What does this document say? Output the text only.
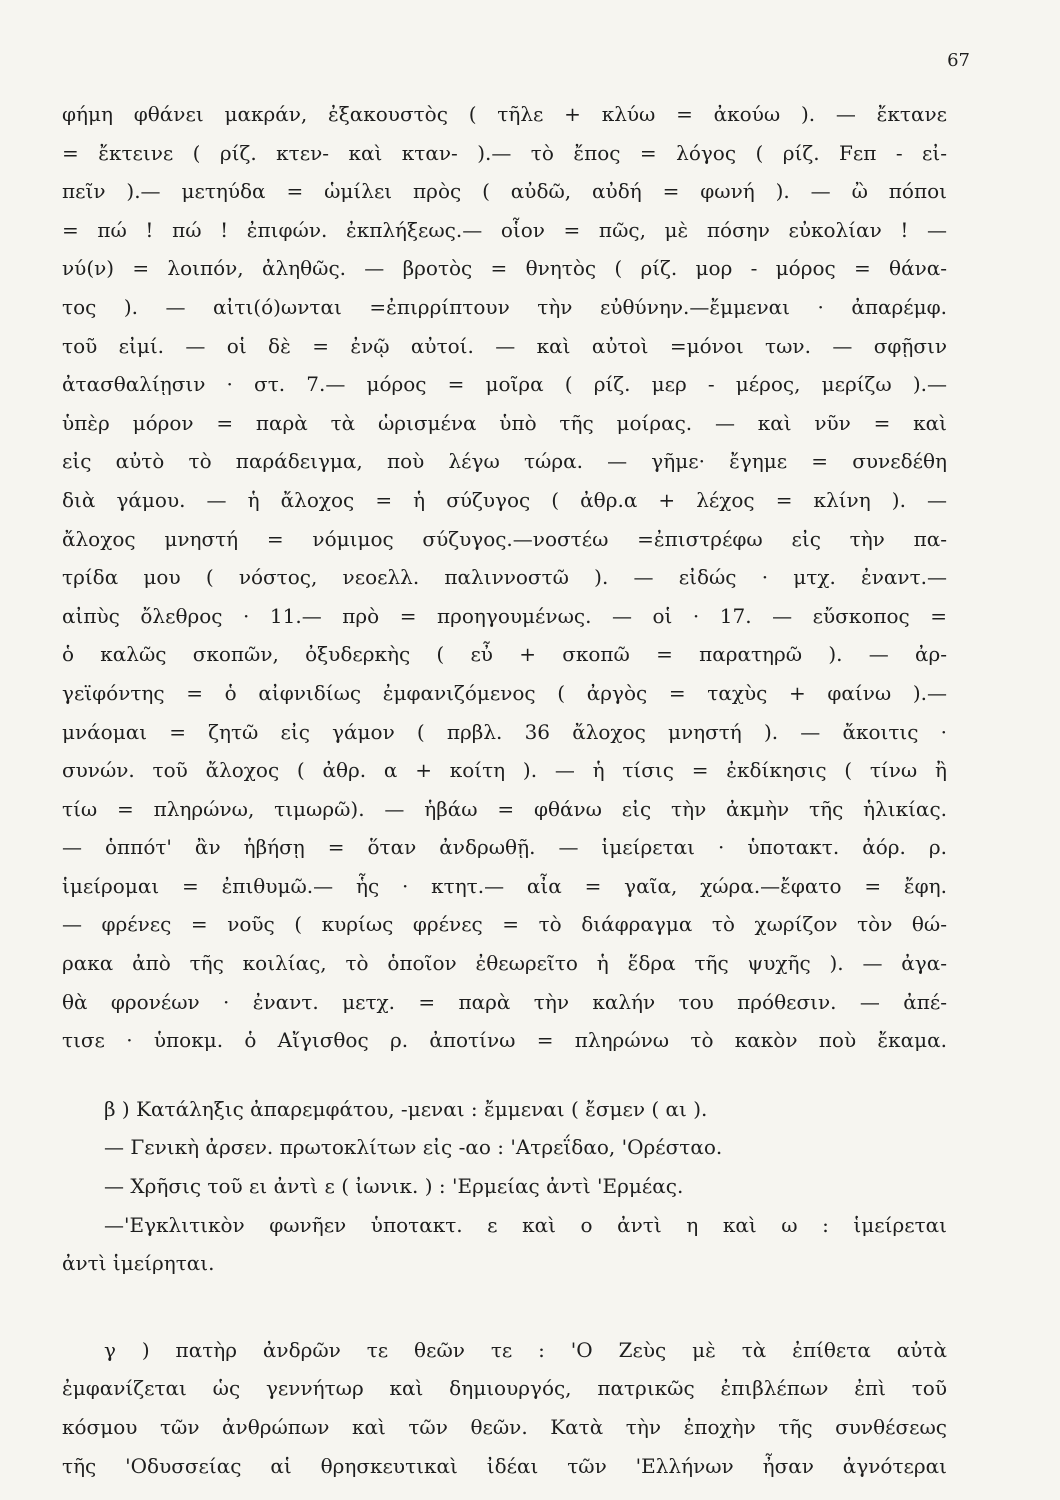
67
φήμη φθάνει μακράν, ἐξακουστὸς ( τῆλε + κλύω = ἀκούω ). — ἔκτανε
= ἔκτεινε ( ρίζ. κτεν- καὶ κταν- ).— τὸ ἔπος = λόγος ( ρίζ. Fεπ - εἰ-
πεῖν ).— μετηύδα = ὡμίλει πρὸς ( αὐδῶ, αὐδή = φωνή ). — ὢ πόποι
= πώ ! πώ ! ἐπιφών. ἐκπλήξεως.— οἷον = πῶς, μὲ πόσην εὐκολίαν ! —
νύ(ν) = λοιπόν, ἀληθῶς. — βροτὸς = θνητὸς ( ρίζ. μορ - μόρος = θάνα-
τος ). — αἰτι(ό)ωνται =ἐπιρρίπτουν τὴν εὐθύνην.—ἔμμεναι · ἀπαρέμφ.
τοῦ εἰμί. — οἱ δὲ = ἐνῷ αὐτοί. — καὶ αὐτοὶ =μόνοι των. — σφῇσιν
ἀτασθαλίῃσιν · στ. 7.— μόρος = μοῖρα ( ρίζ. μερ - μέρος, μερίζω ).—
ὑπὲρ μόρον = παρὰ τὰ ὡρισμένα ὑπὸ τῆς μοίρας. — καὶ νῦν = καὶ
εἰς αὐτὸ τὸ παράδειγμα, ποὺ λέγω τώρα. — γῆμε· ἔγημε = συνεδέθη
διὰ γάμου. — ἡ ἄλοχος = ἡ σύζυγος ( ἀθρ.α + λέχος = κλίνη ). —
ἄλοχος μνηστή = νόμιμος σύζυγος.—νοστέω =ἐπιστρέφω εἰς τὴν πα-
τρίδα μου ( νόστος, νεοελλ. παλιννοστῶ ). — εἰδώς · μτχ. ἐναντ.—
αἰπὺς ὄλεθρος · 11.— πρὸ = προηγουμένως. — οἱ · 17. — εὔσκοπος =
ὁ καλῶς σκοπῶν, ὀξυδερκὴς ( εὖ + σκοπῶ = παρατηρῶ ). — ἀρ-
γεϊφόντης = ὁ αἰφνιδίως ἐμφανιζόμενος ( ἀργὸς = ταχὺς + φαίνω ).—
μνάομαι = ζητῶ εἰς γάμον ( πρβλ. 36 ἄλοχος μνηστή ). — ἄκοιτις ·
συνών. τοῦ ἄλοχος ( ἀθρ. α + κοίτη ). — ἡ τίσις = ἐκδίκησις ( τίνω ἢ
τίω = πληρώνω, τιμωρῶ). — ἡβάω = φθάνω εἰς τὴν ἀκμὴν τῆς ἡλικίας.
— ὁππότ' ἂν ἡβήσῃ = ὅταν ἀνδρωθῇ. — ἱμείρεται · ὑποτακτ. ἀόρ. ρ.
ἱμείρομαι = ἐπιθυμῶ.— ἧς · κτητ.— αἶα = γαῖα, χώρα.—ἔφατο = ἔφη.
— φρένες = νοῦς ( κυρίως φρένες = τὸ διάφραγμα τὸ χωρίζον τὸν θώ-
ρακα ἀπὸ τῆς κοιλίας, τὸ ὁποῖον ἐθεωρεῖτο ἡ ἕδρα τῆς ψυχῆς ). — ἀγα-
θὰ φρονέων · ἐναντ. μετχ. = παρὰ τὴν καλήν του πρόθεσιν. — ἀπέ-
τισε · ὑποκμ. ὁ Αἴγισθος ρ. ἀποτίνω = πληρώνω τὸ κακὸν ποὺ ἔκαμα.
β ) Κατάληξις ἀπαρεμφάτου, -μεναι : ἔμμεναι ( ἔσμεν ( αι ).
— Γενικὴ ἀρσεν. πρωτοκλίτων εἰς -αο : 'Ατρεΐδαο, 'Ορέσταο.
— Χρῆσις τοῦ ει ἀντὶ ε ( ἰωνικ. ) : 'Ερμείας ἀντὶ 'Ερμέας.
—'Εγκλιτικὸν φωνῆεν ὑποτακτ. ε καὶ ο ἀντὶ η καὶ ω : ἱμείρεται
ἀντὶ ἱμείρηται.
γ ) πατὴρ ἀνδρῶν τε θεῶν τε : 'Ο Ζεὺς μὲ τὰ ἐπίθετα αὐτὰ
ἐμφανίζεται ὡς γεννήτωρ καὶ δημιουργός, πατρικῶς ἐπιβλέπων ἐπὶ τοῦ
κόσμου τῶν ἀνθρώπων καὶ τῶν θεῶν. Κατὰ τὴν ἐποχὴν τῆς συνθέσεως
τῆς 'Οδυσσείας αἱ θρησκευτικαὶ ἰδέαι τῶν 'Ελλήνων ἦσαν ἀγνότεραι
